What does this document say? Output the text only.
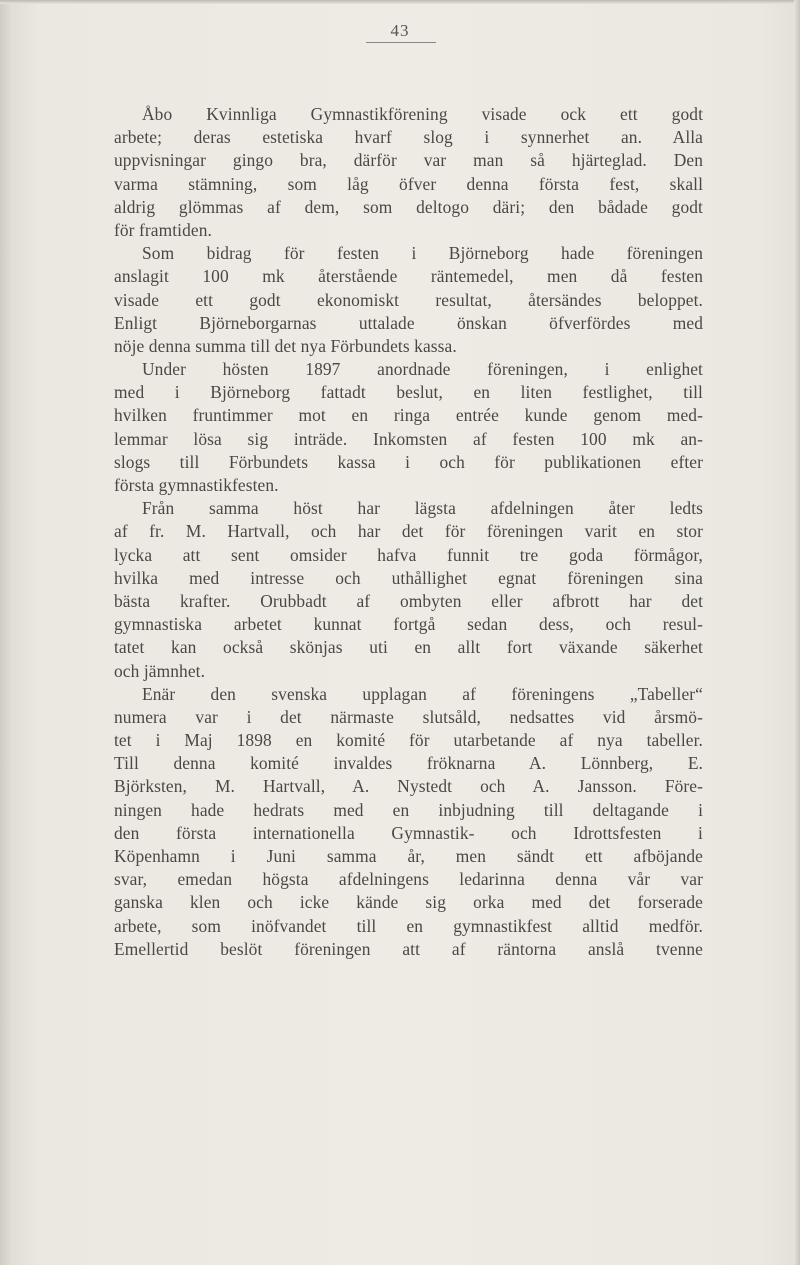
43
Åbo Kvinnliga Gymnastikförening visade ock ett godt
arbete; deras estetiska hvarf slog i synnerhet an. Alla
uppvisningar gingo bra, därför var man så hjärteglad. Den
varma stämning, som låg öfver denna första fest, skall
aldrig glömmas af dem, som deltogo däri; den bådade godt
för framtiden.
Som bidrag för festen i Björneborg hade föreningen
anslagit 100 mk återstående räntemedel, men då festen
visade ett godt ekonomiskt resultat, återsändes beloppet.
Enligt Björneborgarnas uttalade önskan öfverfördes med
nöje denna summa till det nya Förbundets kassa.
Under hösten 1897 anordnade föreningen, i enlighet
med i Björneborg fattadt beslut, en liten festlighet, till
hvilken fruntimmer mot en ringa entrée kunde genom med-
lemmar lösa sig inträde. Inkomsten af festen 100 mk an-
slogs till Förbundets kassa i och för publikationen efter
första gymnastikfesten.
Från samma höst har lägsta afdelningen åter ledts
af fr. M. Hartvall, och har det för föreningen varit en stor
lycka att sent omsider hafva funnit tre goda förmågor,
hvilka med intresse och uthållighet egnat föreningen sina
bästa krafter. Orubbadt af ombyten eller afbrott har det
gymnastiska arbetet kunnat fortgå sedan dess, och resul-
tatet kan också skönjas uti en allt fort växande säkerhet
och jämnhet.
Enär den svenska upplagan af föreningens „Tabeller“
numera var i det närmaste slutsåld, nedsattes vid årsmö-
tet i Maj 1898 en komité för utarbetande af nya tabeller.
Till denna komité invaldes fröknarna A. Lönnberg, E.
Björksten, M. Hartvall, A. Nystedt och A. Jansson. Före-
ningen hade hedrats med en inbjudning till deltagande i
den första internationella Gymnastik- och Idrottsfesten i
Köpenhamn i Juni samma år, men sändt ett afböjande
svar, emedan högsta afdelningens ledarinna denna vår var
ganska klen och icke kände sig orka med det forserade
arbete, som inöfvandet till en gymnastikfest alltid medför.
Emellertid beslöt föreningen att af räntorna anslå tvenne
